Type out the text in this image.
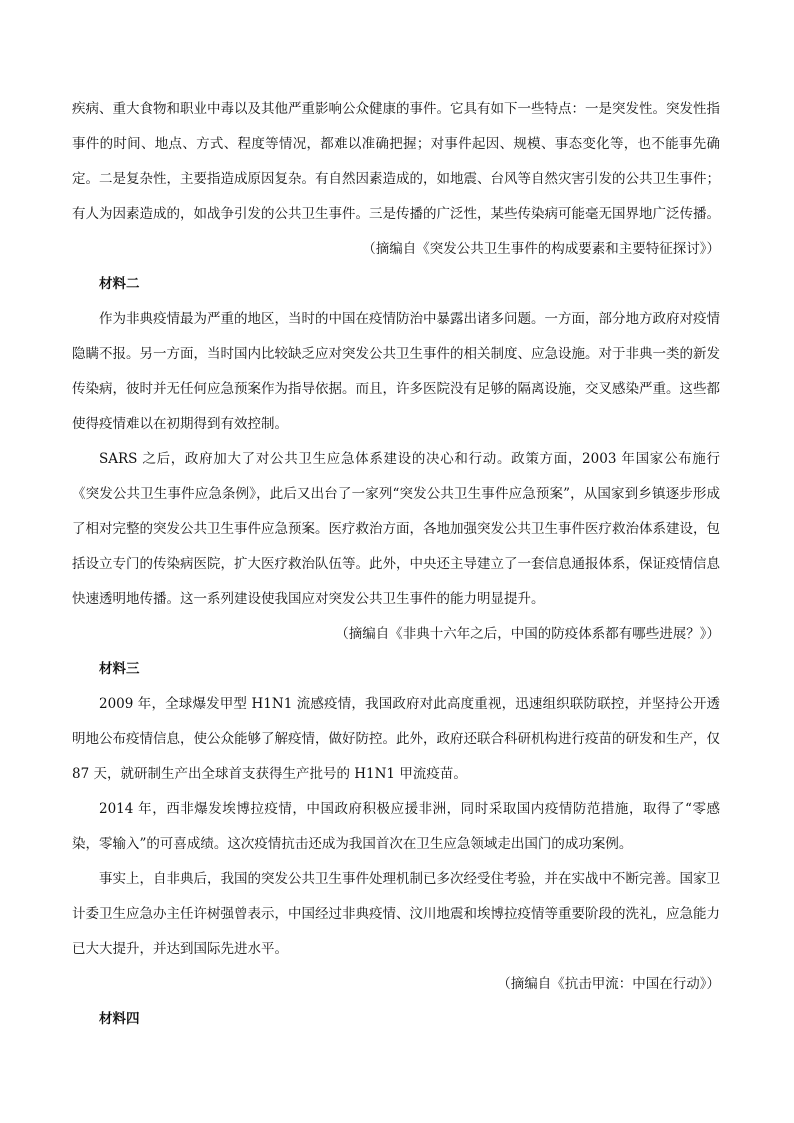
疾病、重大食物和职业中毒以及其他严重影响公众健康的事件。它具有如下一些特点：一是突发性。突发性指事件的时间、地点、方式、程度等情况，都难以准确把握；对事件起因、规模、事态变化等，也不能事先确定。二是复杂性，主要指造成原因复杂。有自然因素造成的，如地震、台风等自然灾害引发的公共卫生事件；有人为因素造成的，如战争引发的公共卫生事件。三是传播的广泛性，某些传染病可能毫无国界地广泛传播。

（摘编自《突发公共卫生事件的构成要素和主要特征探讨》）

材料二

作为非典疫情最为严重的地区，当时的中国在疫情防治中暴露出诸多问题。一方面，部分地方政府对疫情隐瞒不报。另一方面，当时国内比较缺乏应对突发公共卫生事件的相关制度、应急设施。对于非典一类的新发传染病，彼时并无任何应急预案作为指导依据。而且，许多医院没有足够的隔离设施，交叉感染严重。这些都使得疫情难以在初期得到有效控制。

SARS 之后，政府加大了对公共卫生应急体系建设的决心和行动。政策方面，2003 年国家公布施行《突发公共卫生事件应急条例》，此后又出台了一家列“突发公共卫生事件应急预案”，从国家到乡镇逐步形成了相对完整的突发公共卫生事件应急预案。医疗救治方面，各地加强突发公共卫生事件医疗救治体系建设，包括设立专门的传染病医院，扩大医疗救治队伍等。此外，中央还主导建立了一套信息通报体系，保证疫情信息快速透明地传播。这一系列建设使我国应对突发公共卫生事件的能力明显提升。

（摘编自《非典十六年之后，中国的防疫体系都有哪些进展？》）

材料三

2009 年，全球爆发甲型 H1N1 流感疫情，我国政府对此高度重视，迅速组织联防联控，并坚持公开透明地公布疫情信息，使公众能够了解疫情，做好防控。此外，政府还联合科研机构进行疫苗的研发和生产，仅 87 天，就研制生产出全球首支获得生产批号的 H1N1 甲流疫苗。

2014 年，西非爆发埃博拉疫情，中国政府积极应援非洲，同时采取国内疫情防范措施，取得了“零感染，零输入”的可喜成绩。这次疫情抗击还成为我国首次在卫生应急领域走出国门的成功案例。

事实上，自非典后，我国的突发公共卫生事件处理机制已多次经受住考验，并在实战中不断完善。国家卫计委卫生应急办主任许树强曾表示，中国经过非典疫情、汶川地震和埃博拉疫情等重要阶段的洗礼，应急能力已大大提升，并达到国际先进水平。

（摘编自《抗击甲流：中国在行动》）

材料四
